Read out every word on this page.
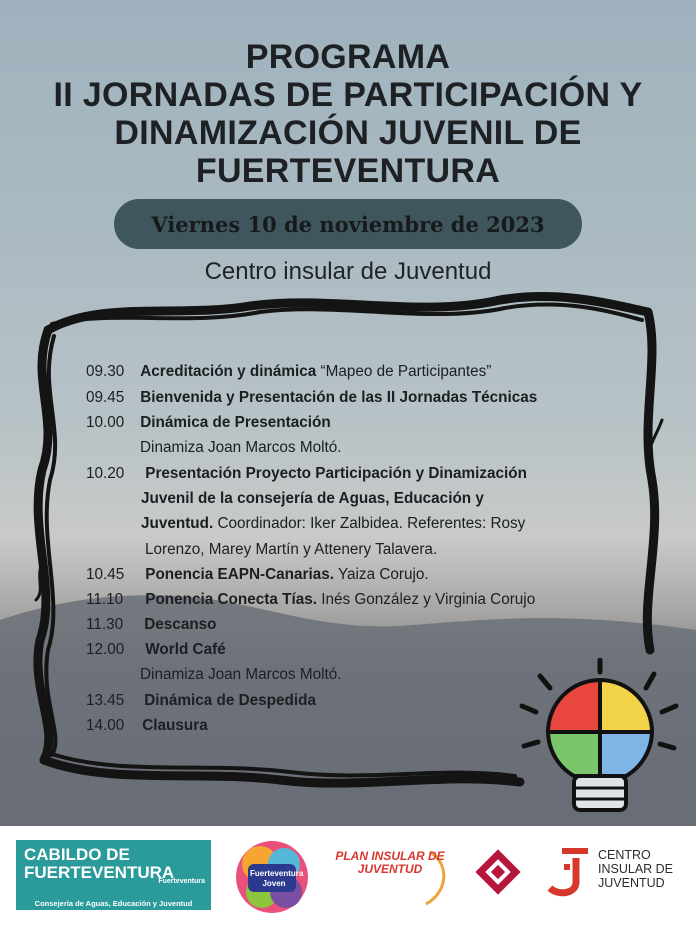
PROGRAMA
II JORNADAS DE PARTICIPACIÓN Y
DINAMIZACIÓN JUVENIL DE
FUERTEVENTURA
Viernes 10 de noviembre de 2023
Centro insular de Juventud
09.30 Acreditación y dinámica “Mapeo de Participantes”
09.45 Bienvenida y Presentación de las II Jornadas Técnicas
10.00 Dinámica de Presentación
Dinamiza Joan Marcos Moltó.
10.20 Presentación Proyecto Participación y Dinamización
Juvenil de la consejería de Aguas, Educación y
Juventud. Coordinador: Iker Zalbidea. Referentes: Rosy
Lorenzo, Marey Martín y Attenery Talavera.
10.45 Ponencia EAPN-Canarias. Yaiza Corujo.
11.10 Ponencia Conecta Tías. Inés González y Virginia Corujo
11.30 Descanso
12.00 World Café
Dinamiza Joan Marcos Moltó.
13.45 Dinámica de Despedida
14.00 Clausura
CABILDO DE FUERTEVENTURA
Fuerteventura
Consejería de Aguas, Educación y Juventud
Fuerteventura Joven
PLAN INSULAR DE JUVENTUD
CENTRO
INSULAR DE
JUVENTUD
